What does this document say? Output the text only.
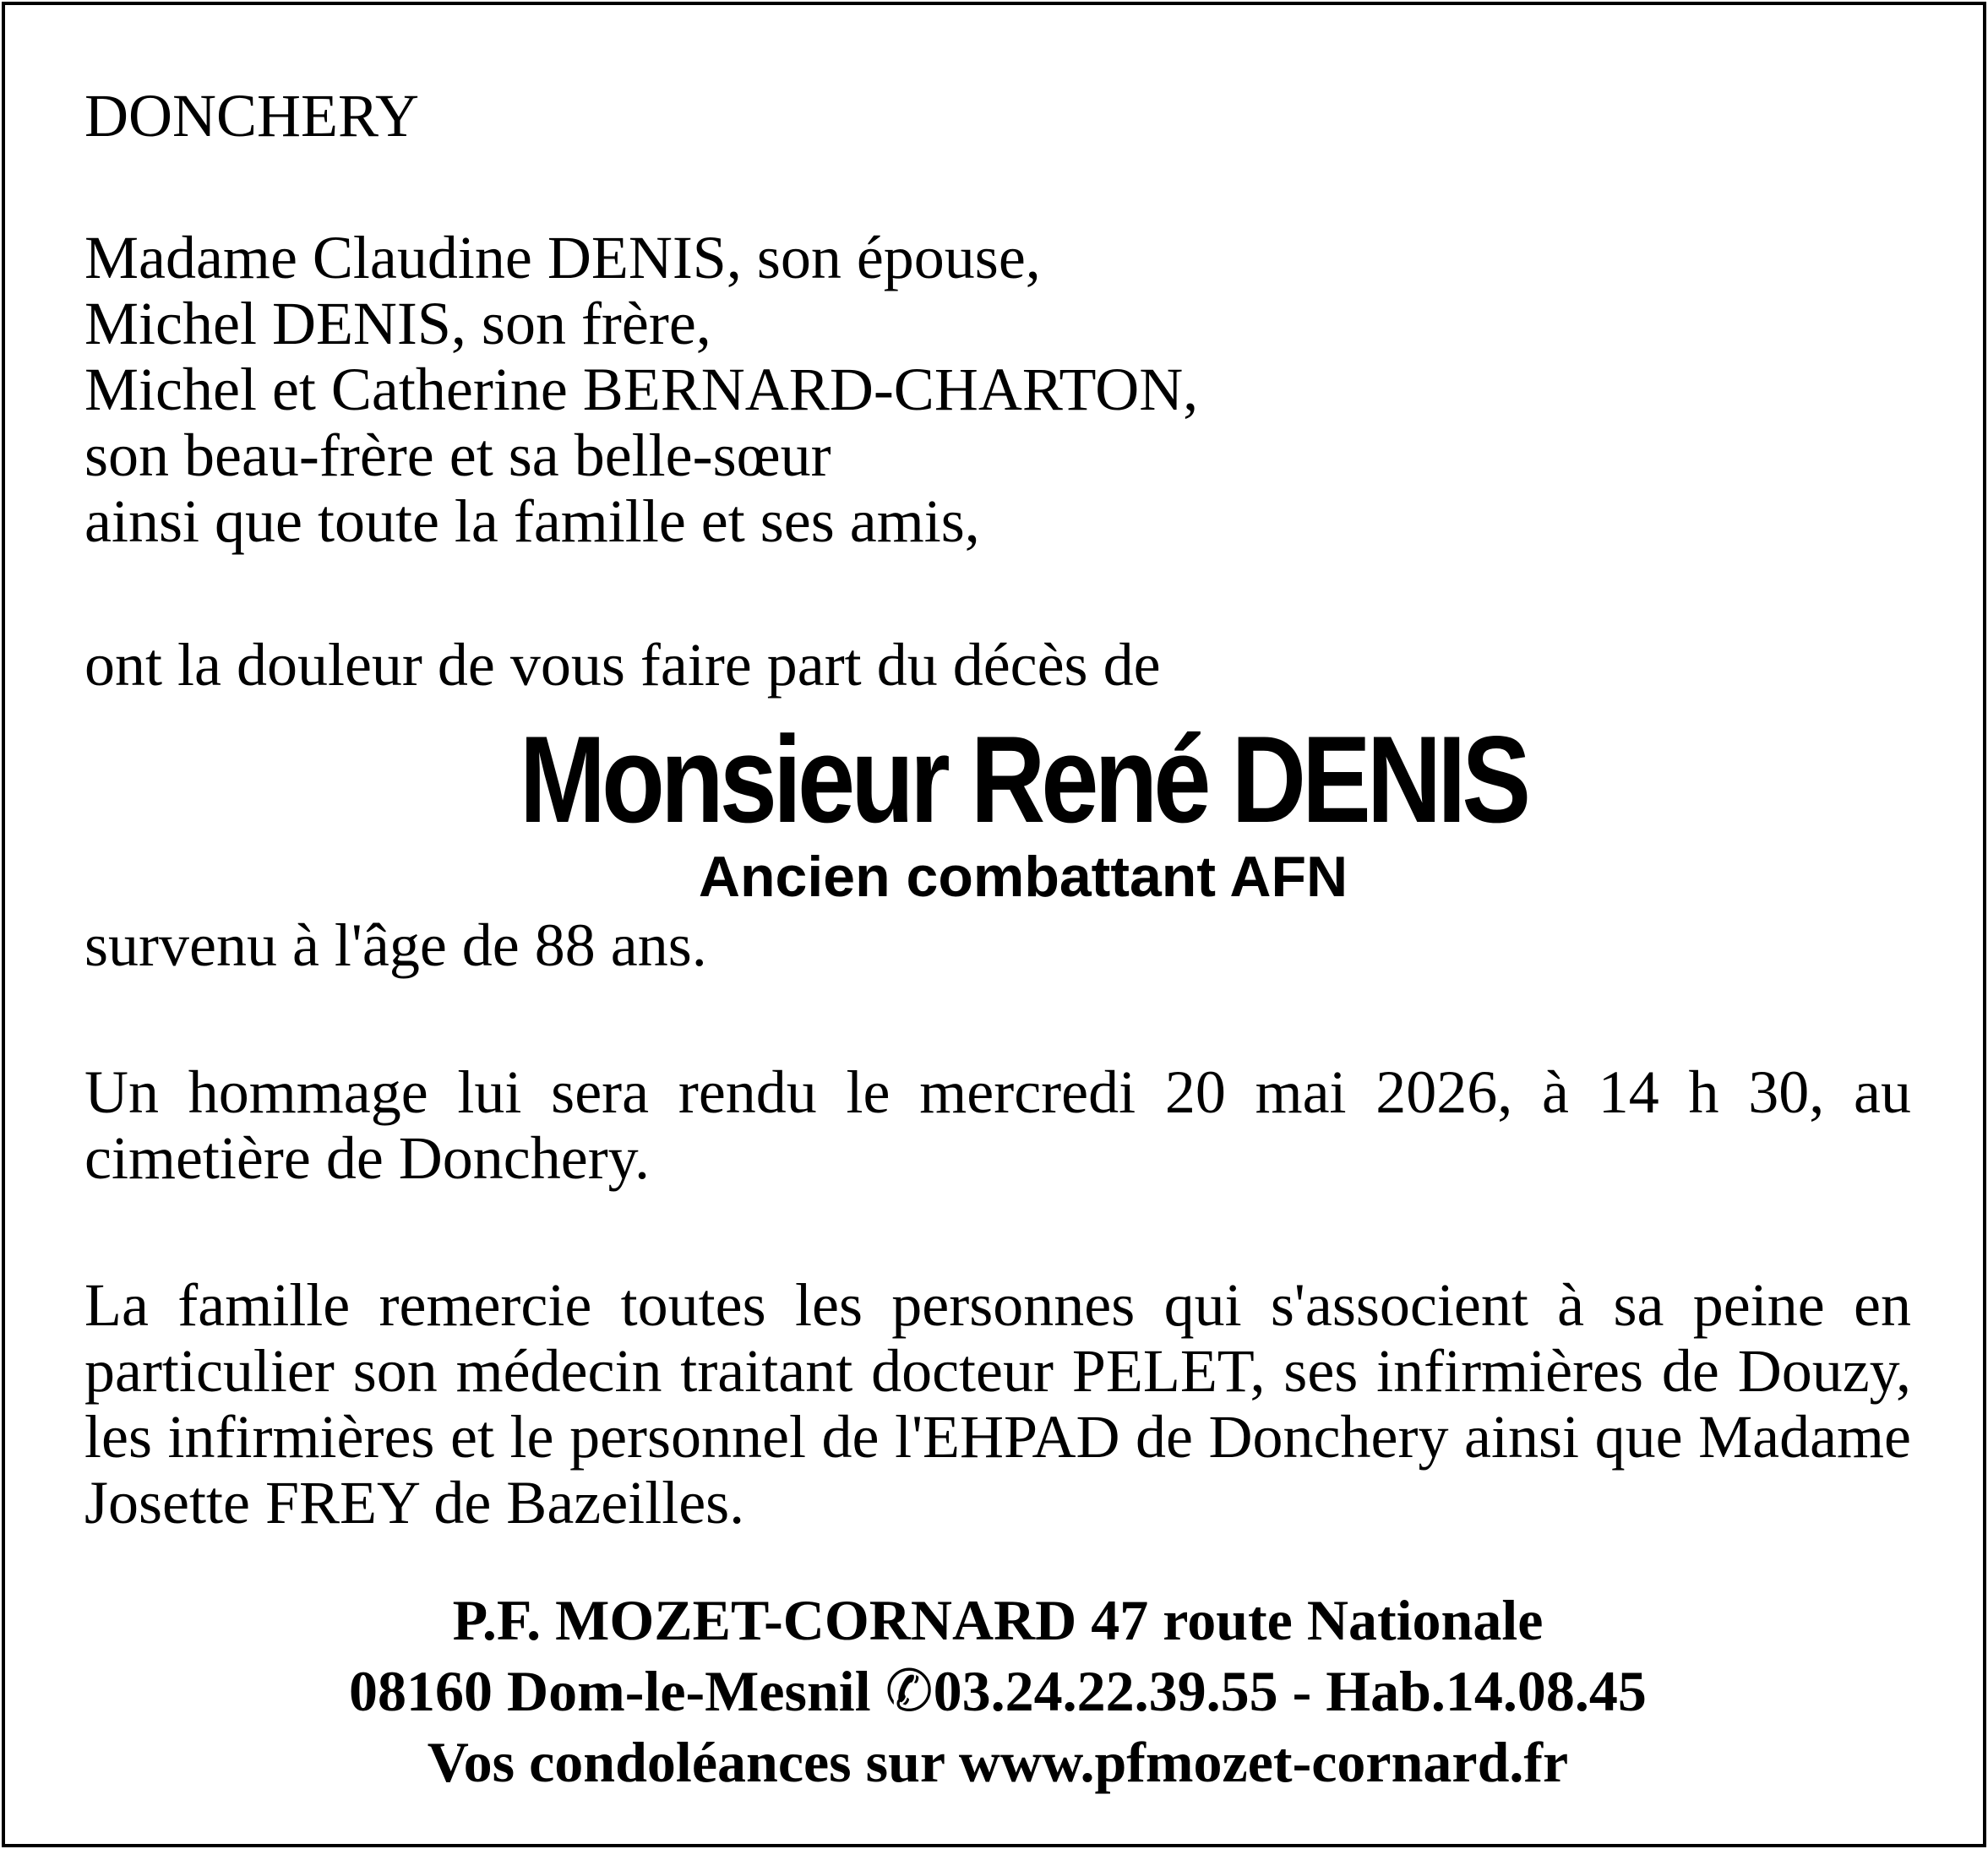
DONCHERY
Madame Claudine DENIS, son épouse,
Michel DENIS, son frère,
Michel et Catherine BERNARD-CHARTON,
son beau-frère et sa belle-sœur
ainsi que toute la famille et ses amis,
ont la douleur de vous faire part du décès de
Monsieur René DENIS
Ancien combattant AFN
survenu à l'âge de 88 ans.
Un hommage lui sera rendu le mercredi 20 mai 2026, à 14 h 30, au cimetière de Donchery.
La famille remercie toutes les personnes qui s'associent à sa peine en particulier son médecin traitant docteur PELET, ses infirmières de Douzy, les infirmières et le personnel de l'EHPAD de Donchery ainsi que Madame Josette FREY de Bazeilles.
P.F. MOZET-CORNARD 47 route Nationale
08160 Dom-le-Mesnil ✆03.24.22.39.55 - Hab.14.08.45
Vos condoléances sur www.pfmozet-cornard.fr
